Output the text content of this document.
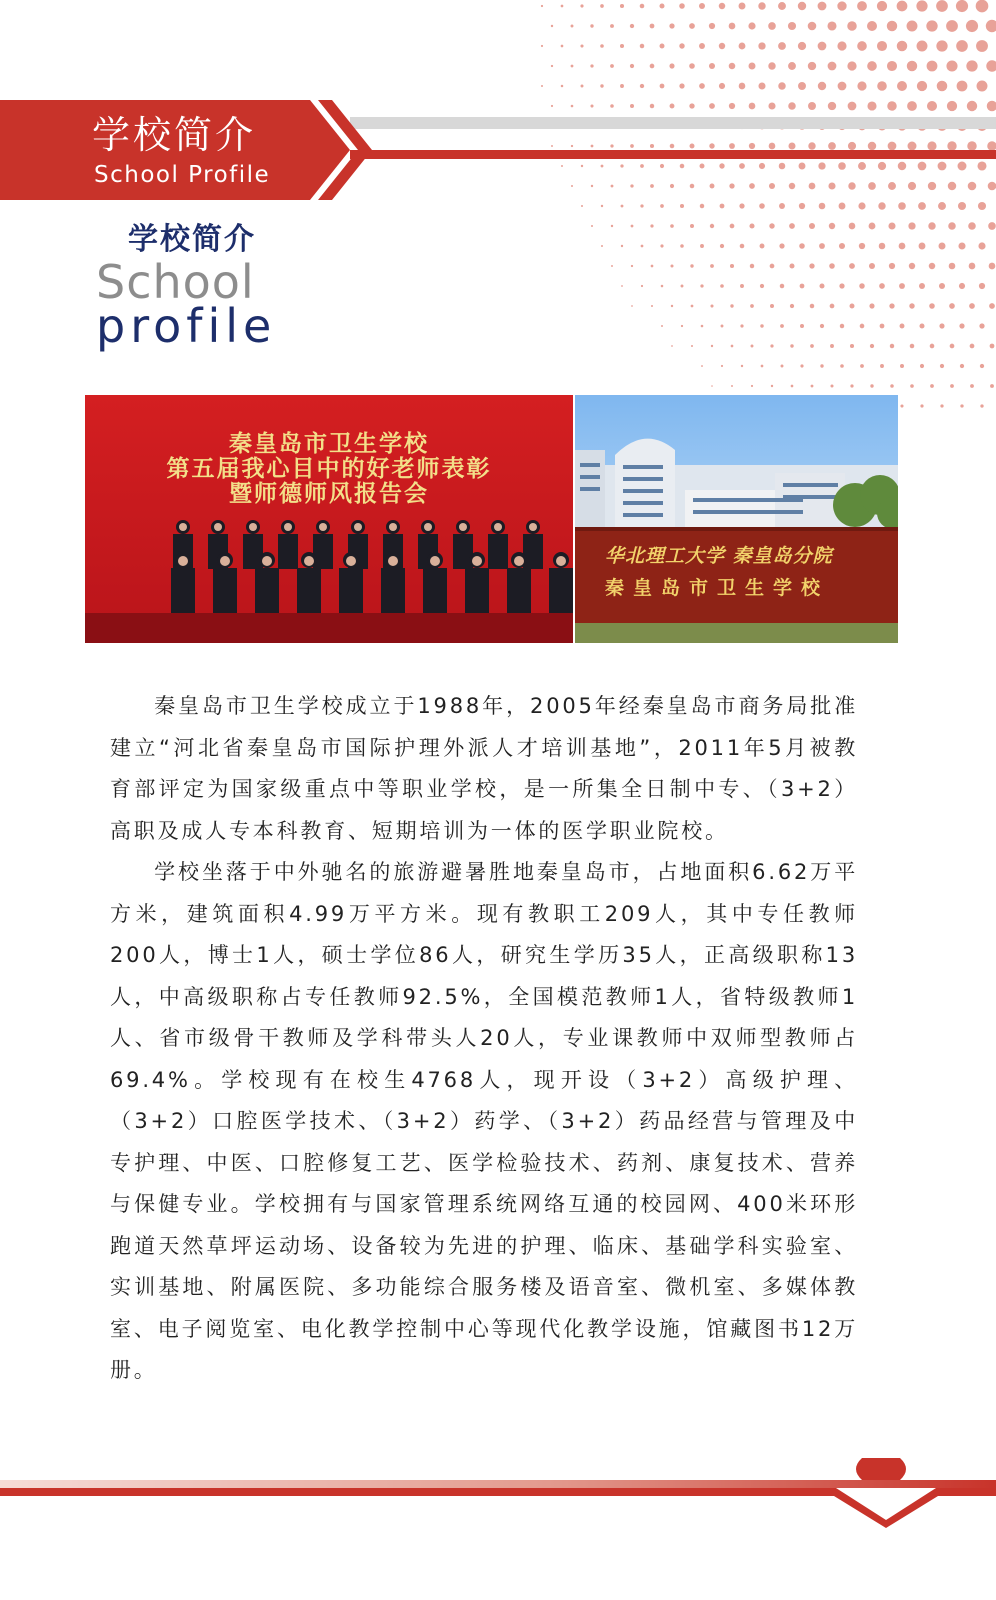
学校简介
School Profile
学校简介
School
profile
秦皇岛市卫生学校
第五届我心目中的好老师表彰
暨师德师风报告会
华北理工大学 秦皇岛分院
秦皇岛市卫生学校

秦皇岛市卫生学校成立于1988年，2005年经秦皇岛市商务局批准建立“河北省秦皇岛市国际护理外派人才培训基地”，2011年5月被教育部评定为国家级重点中等职业学校，是一所集全日制中专、（3+2）高职及成人专本科教育、短期培训为一体的医学职业院校。

学校坐落于中外驰名的旅游避暑胜地秦皇岛市，占地面积6.62万平方米，建筑面积4.99万平方米。现有教职工209人，其中专任教师200人，博士1人，硕士学位86人，研究生学历35人，正高级职称13人，中高级职称占专任教师92.5%，全国模范教师1人，省特级教师1人、省市级骨干教师及学科带头人20人，专业课教师中双师型教师占69.4%。学校现有在校生4768人，现开设（3+2）高级护理、（3+2）口腔医学技术、（3+2）药学、（3+2）药品经营与管理及中专护理、中医、口腔修复工艺、医学检验技术、药剂、康复技术、营养与保健专业。学校拥有与国家管理系统网络互通的校园网、400米环形跑道天然草坪运动场、设备较为先进的护理、临床、基础学科实验室、实训基地、附属医院、多功能综合服务楼及语音室、微机室、多媒体教室、电子阅览室、电化教学控制中心等现代化教学设施，馆藏图书12万册。

2
